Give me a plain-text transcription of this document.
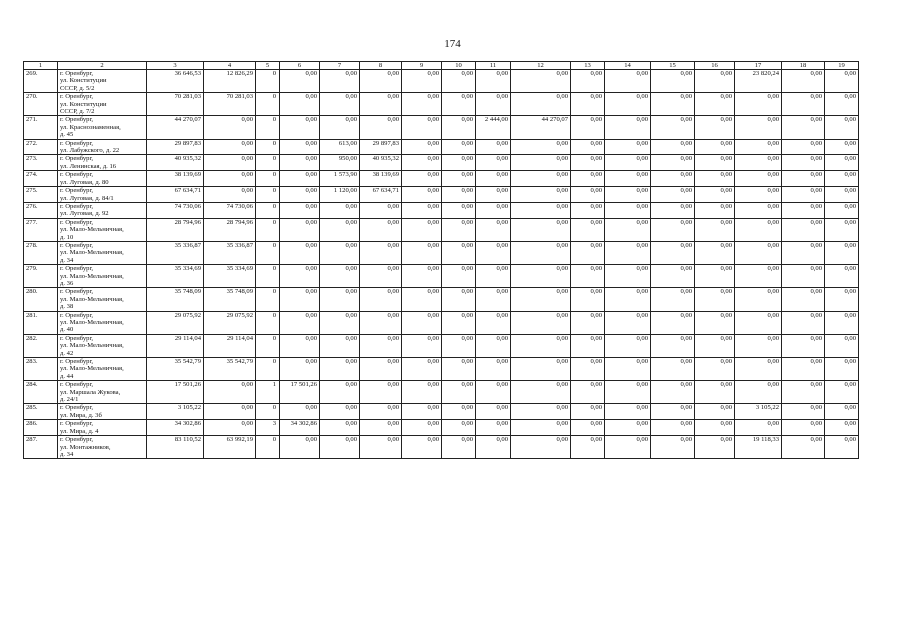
174
1	2	3	4	5	6	7	8	9	10	11	12	13	14	15	16	17	18	19
269.	г. Оренбург,
ул. Конституции
СССР, д. 5/2	36 646,53	12 826,29	0	0,00	0,00	0,00	0,00	0,00	0,00	0,00	0,00	0,00	0,00	0,00	23 820,24	0,00	0,00
270.	г. Оренбург,
ул. Конституции
СССР, д. 7/2	70 281,03	70 281,03	0	0,00	0,00	0,00	0,00	0,00	0,00	0,00	0,00	0,00	0,00	0,00	0,00	0,00	0,00
271.	г. Оренбург,
ул. Краснознаменная,
д. 45	44 270,07	0,00	0	0,00	0,00	0,00	0,00	0,00	2 444,00	44 270,07	0,00	0,00	0,00	0,00	0,00	0,00	0,00
272.	г. Оренбург,
ул. Лабужского, д. 22	29 897,83	0,00	0	0,00	613,00	29 897,83	0,00	0,00	0,00	0,00	0,00	0,00	0,00	0,00	0,00	0,00	0,00
273.	г. Оренбург,
ул. Ленинская, д. 16	40 935,32	0,00	0	0,00	950,00	40 935,32	0,00	0,00	0,00	0,00	0,00	0,00	0,00	0,00	0,00	0,00	0,00
274.	г. Оренбург,
ул. Луговая, д. 80	38 139,69	0,00	0	0,00	1 573,90	38 139,69	0,00	0,00	0,00	0,00	0,00	0,00	0,00	0,00	0,00	0,00	0,00
275.	г. Оренбург,
ул. Луговая, д. 84/1	67 634,71	0,00	0	0,00	1 120,00	67 634,71	0,00	0,00	0,00	0,00	0,00	0,00	0,00	0,00	0,00	0,00	0,00
276.	г. Оренбург,
ул. Луговая, д. 92	74 730,06	74 730,06	0	0,00	0,00	0,00	0,00	0,00	0,00	0,00	0,00	0,00	0,00	0,00	0,00	0,00	0,00
277.	г. Оренбург,
ул. Мало-Мельничная,
д. 10	28 794,96	28 794,96	0	0,00	0,00	0,00	0,00	0,00	0,00	0,00	0,00	0,00	0,00	0,00	0,00	0,00	0,00
278.	г. Оренбург,
ул. Мало-Мельничная,
д. 34	35 336,87	35 336,87	0	0,00	0,00	0,00	0,00	0,00	0,00	0,00	0,00	0,00	0,00	0,00	0,00	0,00	0,00
279.	г. Оренбург,
ул. Мало-Мельничная,
д. 36	35 334,69	35 334,69	0	0,00	0,00	0,00	0,00	0,00	0,00	0,00	0,00	0,00	0,00	0,00	0,00	0,00	0,00
280.	г. Оренбург,
ул. Мало-Мельничная,
д. 38	35 748,09	35 748,09	0	0,00	0,00	0,00	0,00	0,00	0,00	0,00	0,00	0,00	0,00	0,00	0,00	0,00	0,00
281.	г. Оренбург,
ул. Мало-Мельничная,
д. 40	29 075,92	29 075,92	0	0,00	0,00	0,00	0,00	0,00	0,00	0,00	0,00	0,00	0,00	0,00	0,00	0,00	0,00
282.	г. Оренбург,
ул. Мало-Мельничная,
д. 42	29 114,04	29 114,04	0	0,00	0,00	0,00	0,00	0,00	0,00	0,00	0,00	0,00	0,00	0,00	0,00	0,00	0,00
283.	г. Оренбург,
ул. Мало-Мельничная,
д. 44	35 542,79	35 542,79	0	0,00	0,00	0,00	0,00	0,00	0,00	0,00	0,00	0,00	0,00	0,00	0,00	0,00	0,00
284.	г. Оренбург,
ул. Маршала Жукова,
д. 24/1	17 501,26	0,00	1	17 501,26	0,00	0,00	0,00	0,00	0,00	0,00	0,00	0,00	0,00	0,00	0,00	0,00	0,00
285.	г. Оренбург,
ул. Мира, д. 3б	3 105,22	0,00	0	0,00	0,00	0,00	0,00	0,00	0,00	0,00	0,00	0,00	0,00	0,00	3 105,22	0,00	0,00
286.	г. Оренбург,
ул. Мира, д. 4	34 302,86	0,00	3	34 302,86	0,00	0,00	0,00	0,00	0,00	0,00	0,00	0,00	0,00	0,00	0,00	0,00	0,00
287.	г. Оренбург,
ул. Монтажников,
д. 34	83 110,52	63 992,19	0	0,00	0,00	0,00	0,00	0,00	0,00	0,00	0,00	0,00	0,00	0,00	19 118,33	0,00	0,00
